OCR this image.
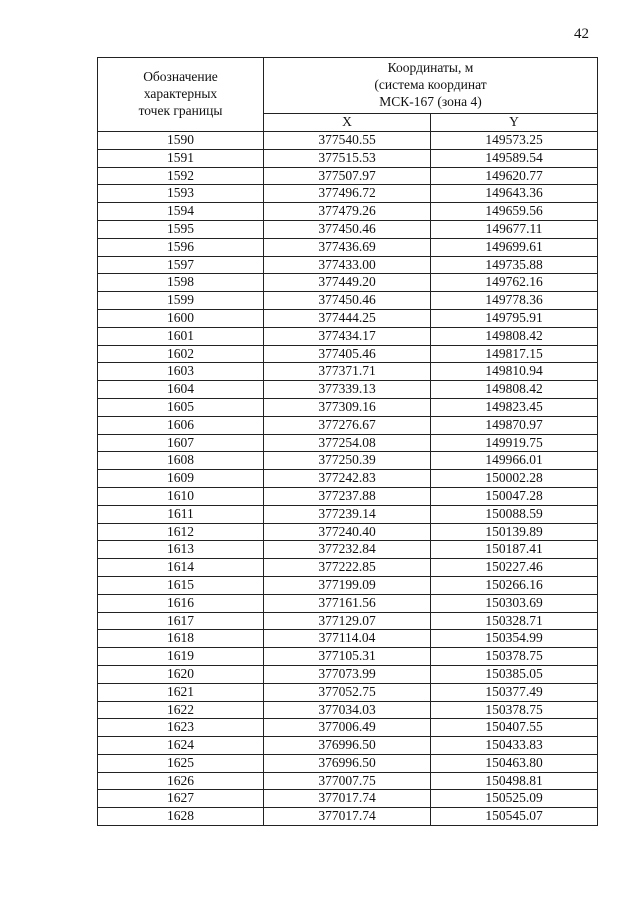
42
Обозначение
характерных
точек границы	Координаты, м
(система координат
МСК-167 (зона 4)	
	X	Y
1590	377540.55	149573.25
1591	377515.53	149589.54
1592	377507.97	149620.77
1593	377496.72	149643.36
1594	377479.26	149659.56
1595	377450.46	149677.11
1596	377436.69	149699.61
1597	377433.00	149735.88
1598	377449.20	149762.16
1599	377450.46	149778.36
1600	377444.25	149795.91
1601	377434.17	149808.42
1602	377405.46	149817.15
1603	377371.71	149810.94
1604	377339.13	149808.42
1605	377309.16	149823.45
1606	377276.67	149870.97
1607	377254.08	149919.75
1608	377250.39	149966.01
1609	377242.83	150002.28
1610	377237.88	150047.28
1611	377239.14	150088.59
1612	377240.40	150139.89
1613	377232.84	150187.41
1614	377222.85	150227.46
1615	377199.09	150266.16
1616	377161.56	150303.69
1617	377129.07	150328.71
1618	377114.04	150354.99
1619	377105.31	150378.75
1620	377073.99	150385.05
1621	377052.75	150377.49
1622	377034.03	150378.75
1623	377006.49	150407.55
1624	376996.50	150433.83
1625	376996.50	150463.80
1626	377007.75	150498.81
1627	377017.74	150525.09
1628	377017.74	150545.07
